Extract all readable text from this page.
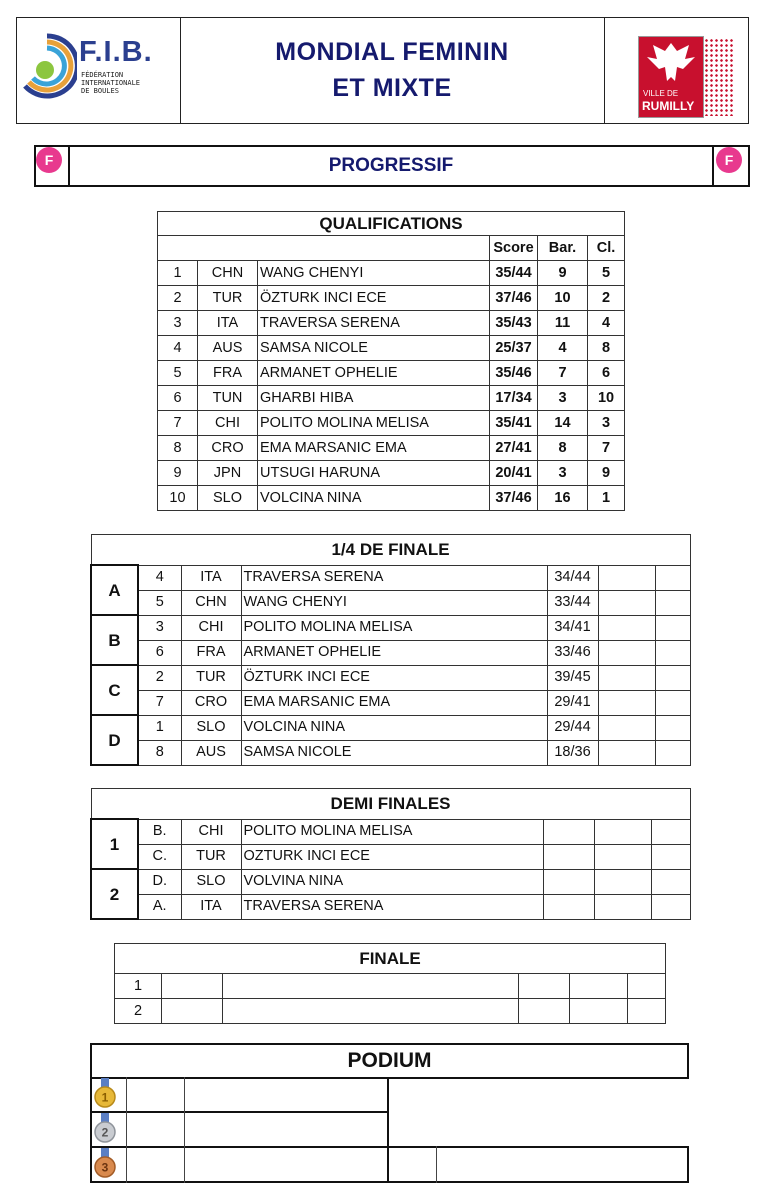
F.I.B.
FÉDÉRATION
INTERNATIONALE
DE BOULES
MONDIAL FEMININ
ET MIXTE	VILLE DE
RUMILLY
PROGRESSIF
F	F
QUALIFICATIONS					
			Score	Bar.	Cl.
1	CHN	WANG CHENYI	35/44	9	5
2	TUR	ÖZTURK INCI ECE	37/46	10	2
3	ITA	TRAVERSA SERENA	35/43	11	4
4	AUS	SAMSA NICOLE	25/37	4	8
5	FRA	ARMANET OPHELIE	35/46	7	6
6	TUN	GHARBI HIBA	17/34	3	10
7	CHI	POLITO MOLINA MELISA	35/41	14	3
8	CRO	EMA MARSANIC EMA	27/41	8	7
9	JPN	UTSUGI HARUNA	20/41	3	9
10	SLO	VOLCINA NINA	37/46	16	1
1/4 DE FINALE						
A	4	ITA	TRAVERSA SERENA	34/44		
	5	CHN	WANG CHENYI	33/44		
B	3	CHI	POLITO MOLINA MELISA	34/41		
	6	FRA	ARMANET OPHELIE	33/46		
C	2	TUR	ÖZTURK INCI ECE	39/45		
	7	CRO	EMA MARSANIC EMA	29/41		
D	1	SLO	VOLCINA NINA	29/44		
	8	AUS	SAMSA NICOLE	18/36		
DEMI FINALES						
1	B.	CHI	POLITO MOLINA MELISA			
	C.	TUR	OZTURK INCI ECE			
2	D.	SLO	VOLVINA NINA			
	A.	ITA	TRAVERSA SERENA			
FINALE					
1					
2					
PODIUM
1
2
3
